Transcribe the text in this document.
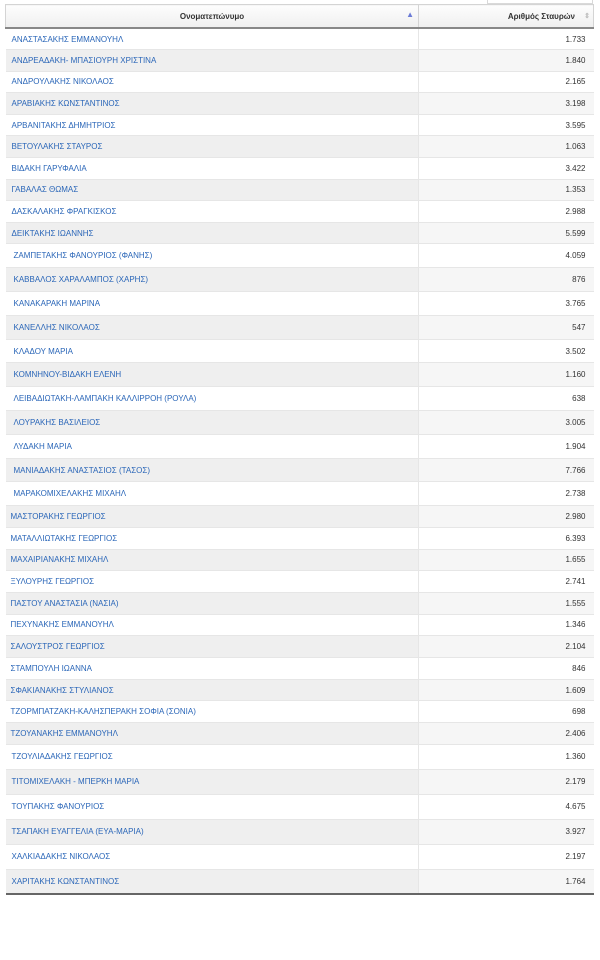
Ονοματεπώνυμο ▲	Αριθμός Σταυρών ⇕

ΑΝΑΣΤΑΣΑΚΗΣ ΕΜΜΑΝΟΥΗΛ	1.733
ΑΝΔΡΕΑΔΑΚΗ- ΜΠΑΣΙΟΥΡΗ ΧΡΙΣΤΙΝΑ	1.840
ΑΝΔΡΟΥΛΑΚΗΣ ΝΙΚΟΛΑΟΣ	2.165
ΑΡΑΒΙΑΚΗΣ ΚΩΝΣΤΑΝΤΙΝΟΣ	3.198
ΑΡΒΑΝΙΤΑΚΗΣ ΔΗΜΗΤΡΙΟΣ	3.595
ΒΕΤΟΥΛΑΚΗΣ ΣΤΑΥΡΟΣ	1.063
ΒΙΔΑΚΗ ΓΑΡΥΦΑΛΙΑ	3.422
ΓΑΒΑΛΑΣ ΘΩΜΑΣ	1.353
ΔΑΣΚΑΛΑΚΗΣ ΦΡΑΓΚΙΣΚΟΣ	2.988
ΔΕΙΚΤΑΚΗΣ ΙΩΑΝΝΗΣ	5.599
ΖΑΜΠΕΤΑΚΗΣ ΦΑΝΟΥΡΙΟΣ (ΦΑΝΗΣ)	4.059
ΚΑΒΒΑΛΟΣ ΧΑΡΑΛΑΜΠΟΣ (ΧΑΡΗΣ)	876
ΚΑΝΑΚΑΡΑΚΗ ΜΑΡΙΝΑ	3.765
ΚΑΝΕΛΛΗΣ ΝΙΚΟΛΑΟΣ	547
ΚΛΑΔΟΥ ΜΑΡΙΑ	3.502
ΚΟΜΝΗΝΟΥ-ΒΙΔΑΚΗ ΕΛΕΝΗ	1.160
ΛΕΙΒΑΔΙΩΤΑΚΗ-ΛΑΜΠΑΚΗ ΚΑΛΛΙΡΡΟΗ (ΡΟΥΛΑ)	638
ΛΟΥΡΑΚΗΣ ΒΑΣΙΛΕΙΟΣ	3.005
ΛΥΔΑΚΗ ΜΑΡΙΑ	1.904
ΜΑΝΙΑΔΑΚΗΣ ΑΝΑΣΤΑΣΙΟΣ (ΤΑΣΟΣ)	7.766
ΜΑΡΑΚΟΜΙΧΕΛΑΚΗΣ ΜΙΧΑΗΛ	2.738
ΜΑΣΤΟΡΑΚΗΣ ΓΕΩΡΓΙΟΣ	2.980
ΜΑΤΑΛΛΙΩΤΑΚΗΣ ΓΕΩΡΓΙΟΣ	6.393
ΜΑΧΑΙΡΙΑΝΑΚΗΣ ΜΙΧΑΗΛ	1.655
ΞΥΛΟΥΡΗΣ ΓΕΩΡΓΙΟΣ	2.741
ΠΑΣΤΟΥ ΑΝΑΣΤΑΣΙΑ (ΝΑΣΙΑ)	1.555
ΠΕΧΥΝΑΚΗΣ ΕΜΜΑΝΟΥΗΛ	1.346
ΣΑΛΟΥΣΤΡΟΣ ΓΕΩΡΓΙΟΣ	2.104
ΣΤΑΜΠΟΥΛΗ ΙΩΑΝΝΑ	846
ΣΦΑΚΙΑΝΑΚΗΣ ΣΤΥΛΙΑΝΟΣ	1.609
ΤΖΟΡΜΠΑΤΖΑΚΗ-ΚΑΛΗΣΠΕΡΑΚΗ ΣΟΦΙΑ (ΣΟΝΙΑ)	698
ΤΖΟΥΑΝΑΚΗΣ ΕΜΜΑΝΟΥΗΛ	2.406
ΤΖΟΥΛΙΑΔΑΚΗΣ ΓΕΩΡΓΙΟΣ	1.360
ΤΙΤΟΜΙΧΕΛΑΚΗ - ΜΠΕΡΚΗ ΜΑΡΙΑ	2.179
ΤΟΥΠΑΚΗΣ ΦΑΝΟΥΡΙΟΣ	4.675
ΤΣΑΠΑΚΗ ΕΥΑΓΓΕΛΙΑ (ΕΥΑ-ΜΑΡΙΑ)	3.927
ΧΑΛΚΙΑΔΑΚΗΣ ΝΙΚΟΛΑΟΣ	2.197
ΧΑΡΙΤΑΚΗΣ ΚΩΝΣΤΑΝΤΙΝΟΣ	1.764
